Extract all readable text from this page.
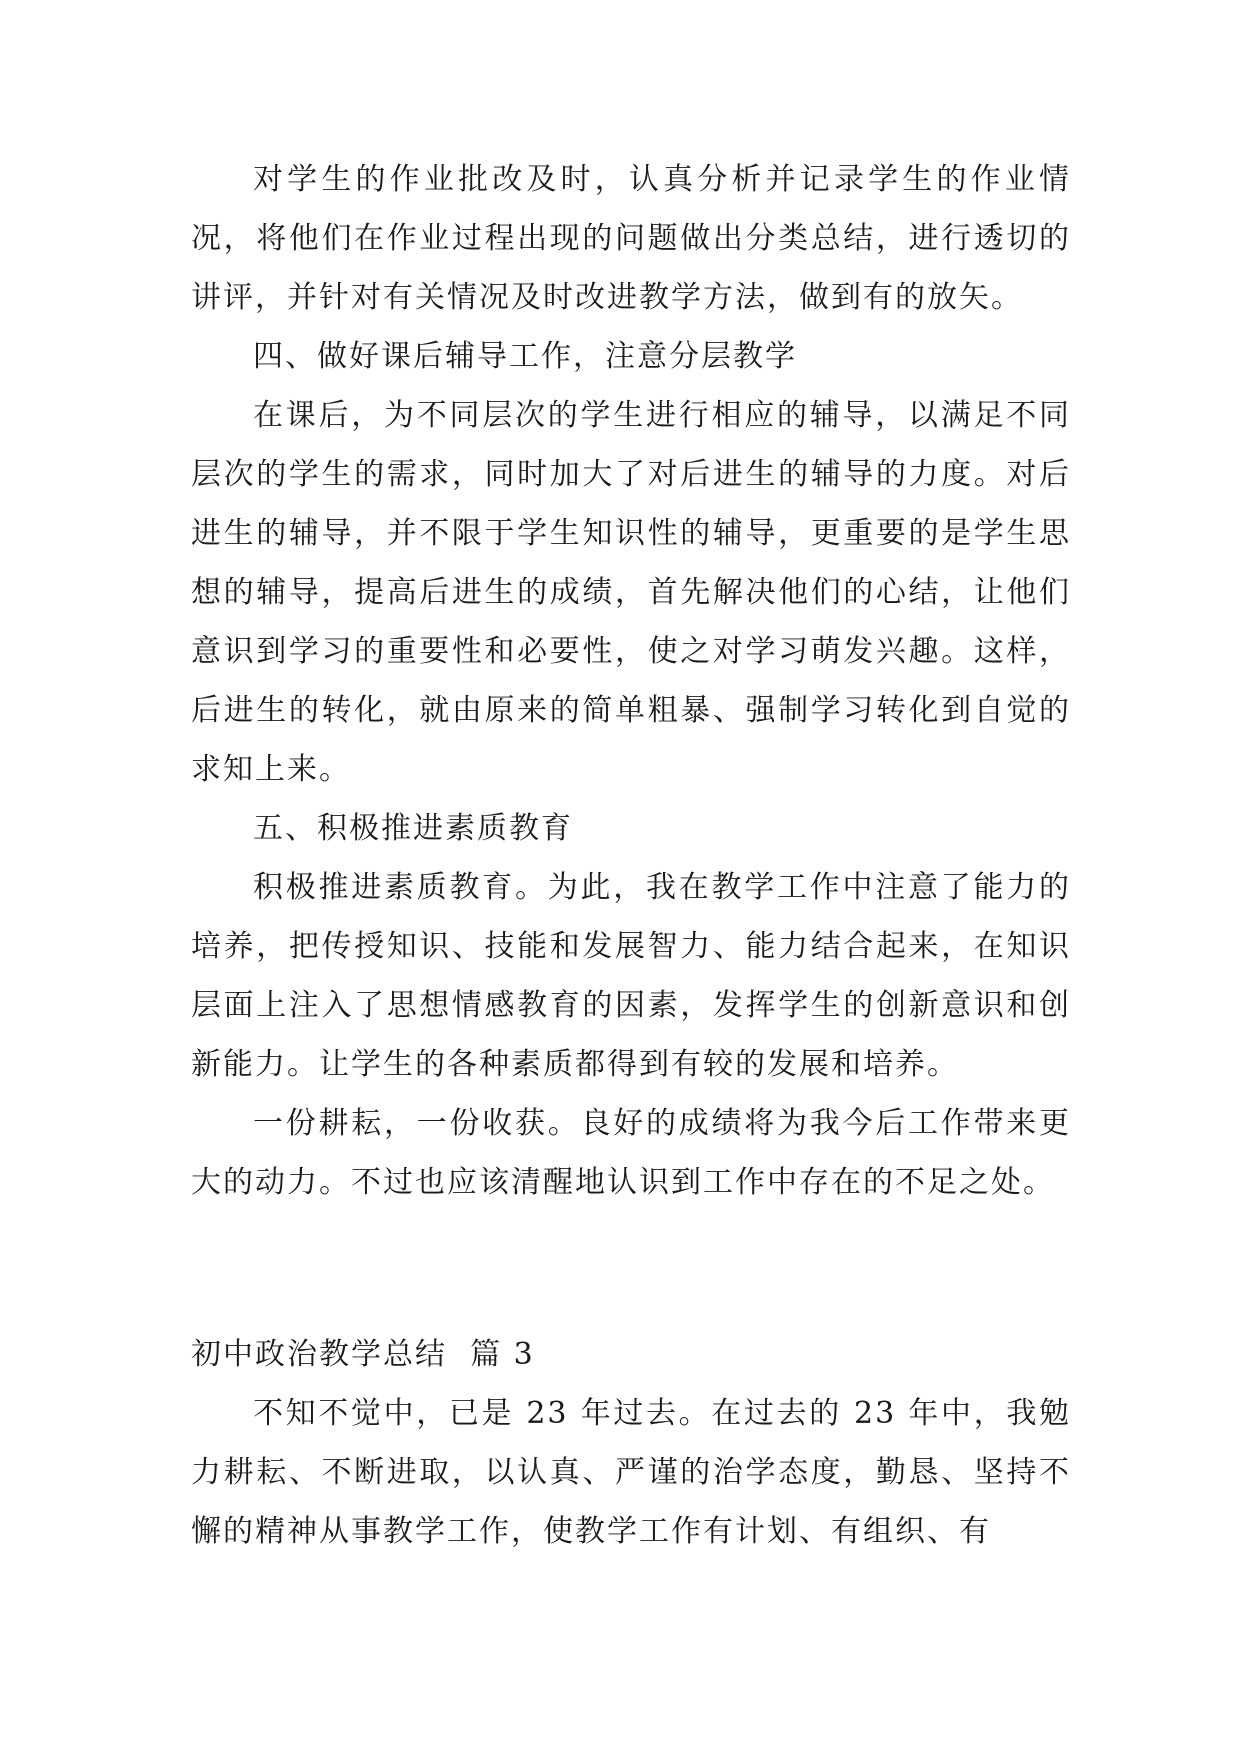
对学生的作业批改及时，认真分析并记录学生的作业情况，将他们在作业过程出现的问题做出分类总结，进行透切的讲评，并针对有关情况及时改进教学方法，做到有的放矢。

四、做好课后辅导工作，注意分层教学

在课后，为不同层次的学生进行相应的辅导，以满足不同层次的学生的需求，同时加大了对后进生的辅导的力度。对后进生的辅导，并不限于学生知识性的辅导，更重要的是学生思想的辅导，提高后进生的成绩，首先解决他们的心结，让他们意识到学习的重要性和必要性，使之对学习萌发兴趣。这样，后进生的转化，就由原来的简单粗暴、强制学习转化到自觉的求知上来。

五、积极推进素质教育

积极推进素质教育。为此，我在教学工作中注意了能力的培养，把传授知识、技能和发展智力、能力结合起来，在知识层面上注入了思想情感教育的因素，发挥学生的创新意识和创新能力。让学生的各种素质都得到有较的发展和培养。

一份耕耘，一份收获。良好的成绩将为我今后工作带来更大的动力。不过也应该清醒地认识到工作中存在的不足之处。

初中政治教学总结  篇 3

不知不觉中，已是 23 年过去。在过去的 23 年中，我勉力耕耘、不断进取，以认真、严谨的治学态度，勤恳、坚持不懈的精神从事教学工作，使教学工作有计划、有组织、有
